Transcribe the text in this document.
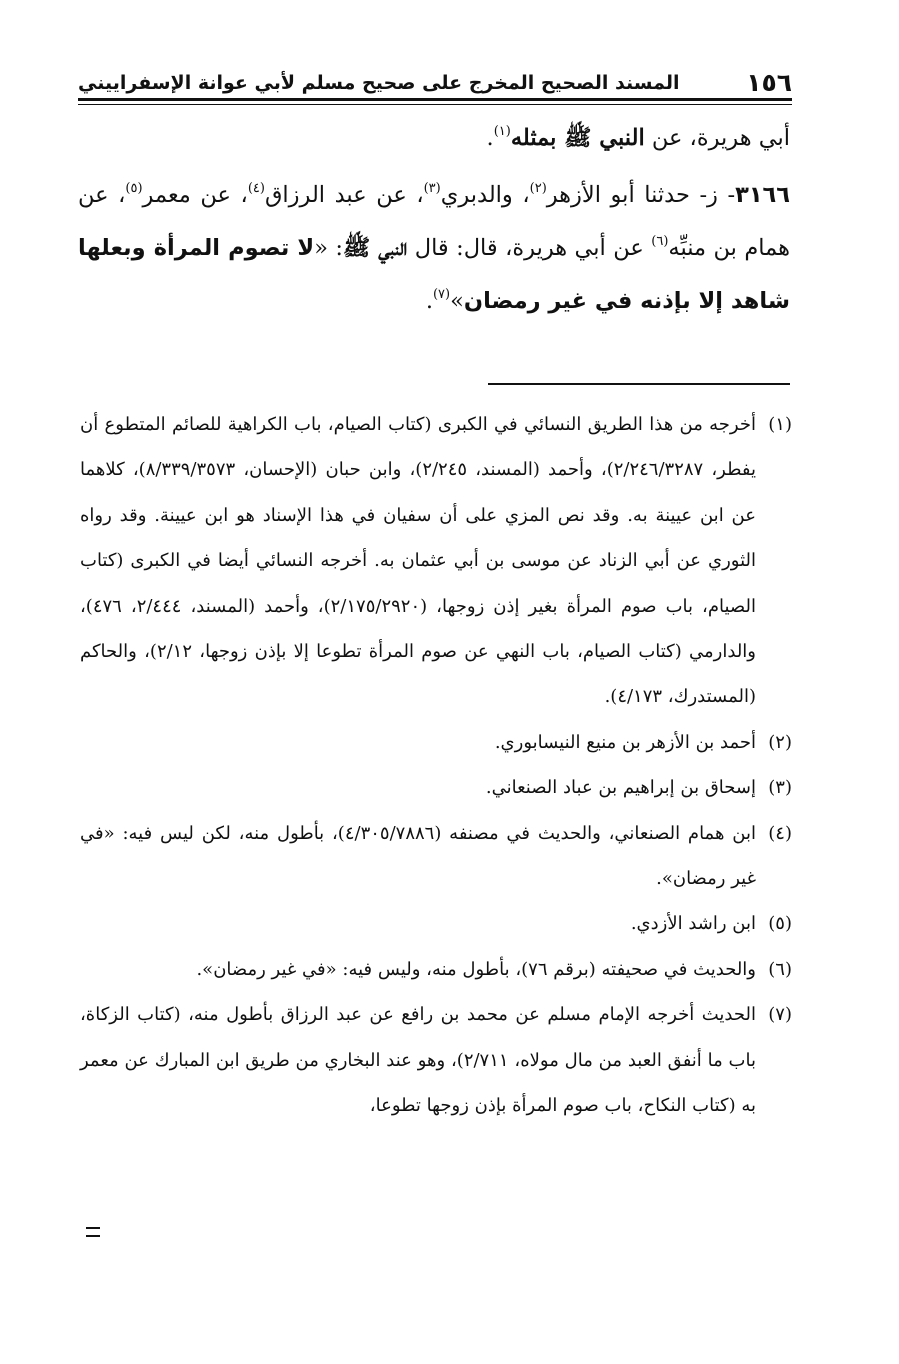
١٥٦
المسند الصحيح المخرج على صحيح مسلم لأبي عوانة الإسفراييني

أبي هريرة، عن النبي ﷺ بمثله$^{(١)}$.

٣١٦٦- ز- حدثنا أبو الأزهر$^{(٢)}$، والدبري$^{(٣)}$، عن عبد الرزاق$^{(٤)}$، عن معمر$^{(٥)}$، عن همام بن منبِّه$^{(٦)}$ عن أبي هريرة، قال: قال النبي ﷺ: «لا تصوم المرأة وبعلها شاهد إلا بإذنه في غير رمضان»$^{(٧)}$.

(١)
أخرجه من هذا الطريق النسائي في الكبرى (كتاب الصيام، باب الكراهية للصائم المتطوع أن يفطر، ٢/٢٤٦/٣٢٨٧)، وأحمد (المسند، ٢/٢٤٥)، وابن حبان (الإحسان، ٨/٣٣٩/٣٥٧٣)، كلاهما عن ابن عيينة به. وقد نص المزي على أن سفيان في هذا الإسناد هو ابن عيينة. وقد رواه الثوري عن أبي الزناد عن موسى بن أبي عثمان به. أخرجه النسائي أيضا في الكبرى (كتاب الصيام، باب صوم المرأة بغير إذن زوجها، (٢/١٧٥/٢٩٢٠)، وأحمد (المسند، ٢/٤٤٤، ٤٧٦)، والدارمي (كتاب الصيام، باب النهي عن صوم المرأة تطوعا إلا بإذن زوجها، ٢/١٢)، والحاكم (المستدرك، ٤/١٧٣).

(٢)
أحمد بن الأزهر بن منيع النيسابوري.

(٣)
إسحاق بن إبراهيم بن عباد الصنعاني.

(٤)
ابن همام الصنعاني، والحديث في مصنفه (٤/٣٠٥/٧٨٨٦)، بأطول منه، لكن ليس فيه: «في غير رمضان».

(٥)
ابن راشد الأزدي.

(٦)
والحديث في صحيفته (برقم ٧٦)، بأطول منه، وليس فيه: «في غير رمضان».

(٧)
الحديث أخرجه الإمام مسلم عن محمد بن رافع عن عبد الرزاق بأطول منه، (كتاب الزكاة، باب ما أنفق العبد من مال مولاه، ٢/٧١١)، وهو عند البخاري من طريق ابن المبارك عن معمر به (كتاب النكاح، باب صوم المرأة بإذن زوجها تطوعا،
